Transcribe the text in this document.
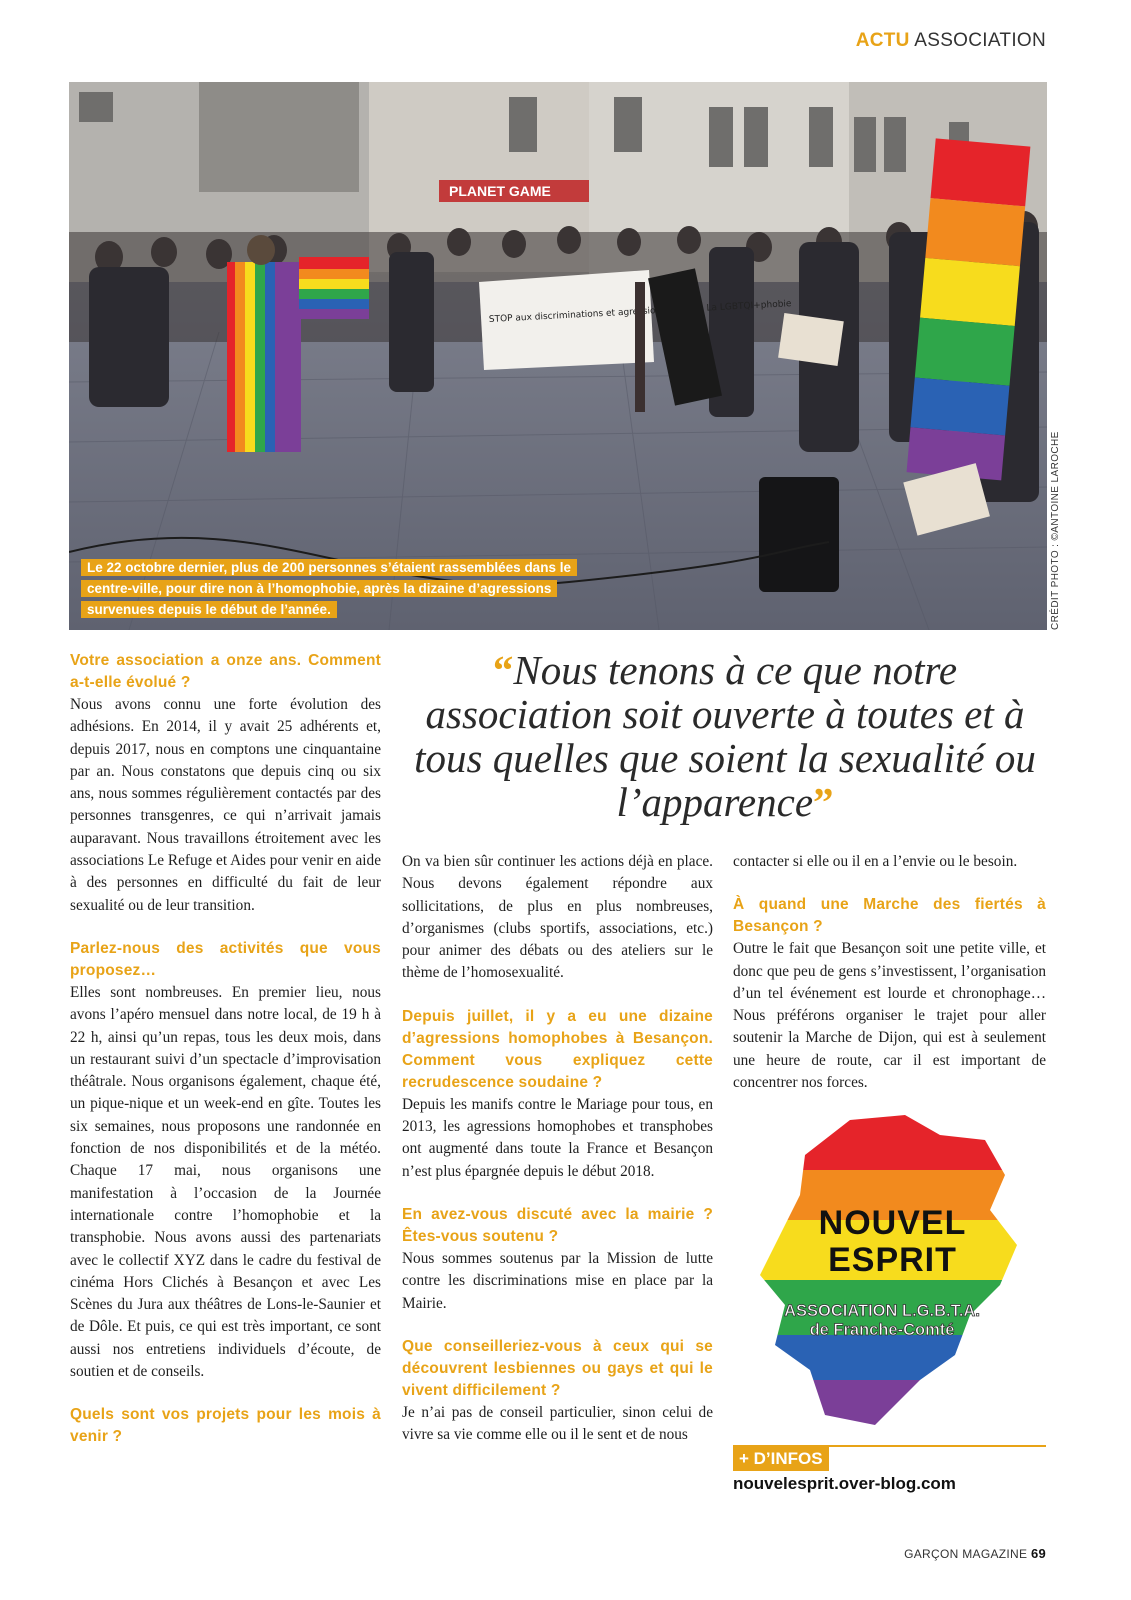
ACTU ASSOCIATION
PLANET GAME
STOP aux discriminations et La LGBTQI+phobie
Le 22 octobre dernier, plus de 200 personnes s’étaient rassemblées dans le centre-ville, pour dire non à l’homophobie, après la dizaine d’agressions survenues depuis le début de l’année.	CRÉDIT PHOTO : ©ANTOINE LAROCHE
“Nous tenons à ce que notre association soit ouverte à toutes et à tous quelles que soient la sexualité ou l’apparence”

Votre association a onze ans. Comment a-t-elle évolué ?

Nous avons connu une forte évolution des adhésions. En 2014, il y avait 25 adhérents et, depuis 2017, nous en comptons une cinquantaine par an. Nous constatons que depuis cinq ou six ans, nous sommes régulièrement contactés par des personnes transgenres, ce qui n’arrivait jamais auparavant. Nous travaillons étroitement avec les associations Le Refuge et Aides pour venir en aide à des personnes en difficulté du fait de leur sexualité ou de leur transition.

Parlez-nous des activités que vous proposez…

Elles sont nombreuses. En premier lieu, nous avons l’apéro mensuel dans notre local, de 19 h à 22 h, ainsi qu’un repas, tous les deux mois, dans un restaurant suivi d’un spectacle d’improvisation théâtrale. Nous organisons également, chaque été, un pique-nique et un week-end en gîte. Toutes les six semaines, nous proposons une randonnée en fonction de nos disponibilités et de la météo. Chaque 17 mai, nous organisons une manifestation à l’occasion de la Journée internationale contre l’homophobie et la transphobie. Nous avons aussi des partenariats avec le collectif XYZ dans le cadre du festival de cinéma Hors Clichés à Besançon et avec Les Scènes du Jura aux théâtres de Lons-le-Saunier et de Dôle. Et puis, ce qui est très important, ce sont aussi nos entretiens individuels d’écoute, de soutien et de conseils.

Quels sont vos projets pour les mois à venir ?

On va bien sûr continuer les actions déjà en place. Nous devons également répondre aux sollicitations, de plus en plus nombreuses, d’organismes (clubs sportifs, associations, etc.) pour animer des débats ou des ateliers sur le thème de l’homosexualité.

Depuis juillet, il y a eu une dizaine d’agressions homophobes à Besançon. Comment vous expliquez cette recrudescence soudaine ?

Depuis les manifs contre le Mariage pour tous, en 2013, les agressions homophobes et transphobes ont augmenté dans toute la France et Besançon n’est plus épargnée depuis le début 2018.

En avez-vous discuté avec la mairie ? Êtes-vous soutenu ?

Nous sommes soutenus par la Mission de lutte contre les discriminations mise en place par la Mairie.

Que conseilleriez-vous à ceux qui se découvrent lesbiennes ou gays et qui le vivent difficilement ?

Je n’ai pas de conseil particulier, sinon celui de vivre sa vie comme elle ou il le sent et de nous

contacter si elle ou il en a l’envie ou le besoin.

À quand une Marche des fiertés à Besançon ?

Outre le fait que Besançon soit une petite ville, et donc que peu de gens s’investissent, l’organisation d’un tel événement est lourde et chronophage… Nous préférons organiser le trajet pour aller soutenir la Marche de Dijon, qui est à seulement une heure de route, car il est important de concentrer nos forces.

NOUVEL
ESPRIT
ASSOCIATION L.G.B.T.A.
de Franche-Comté
+ D’INFOS
nouvelesprit.over-blog.com
GARÇON MAGAZINE 69
